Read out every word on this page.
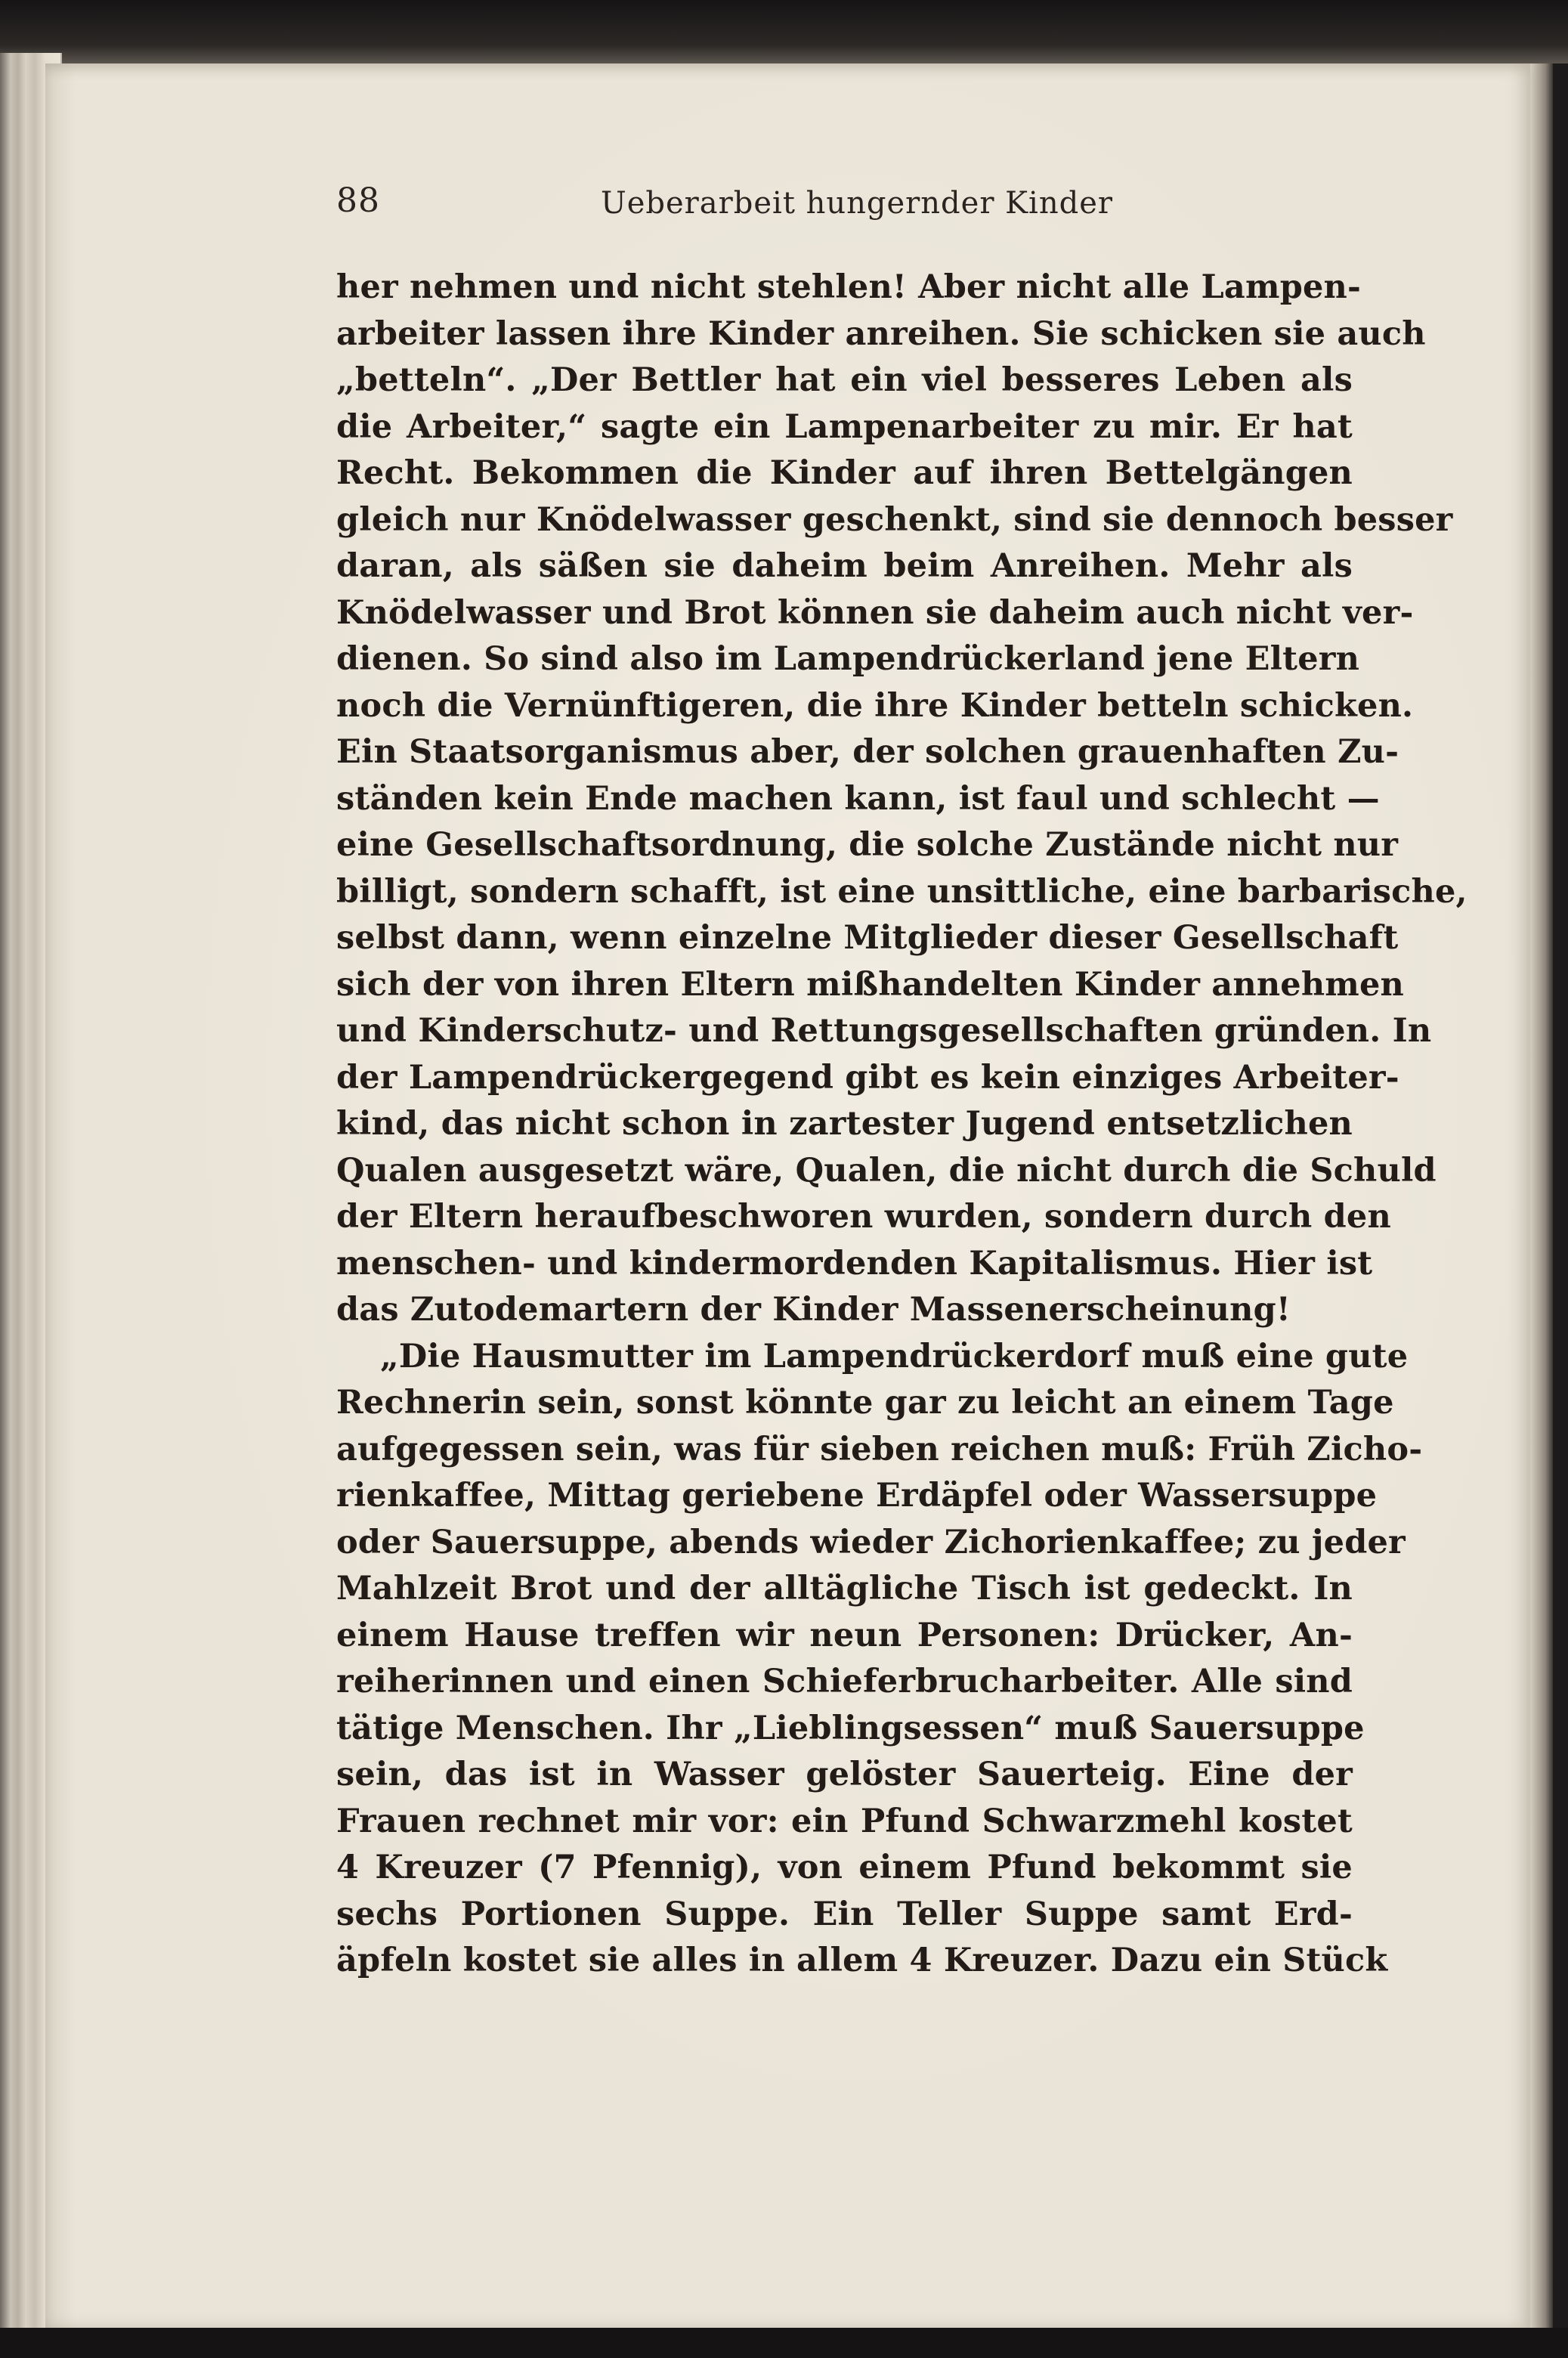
88	Ueberarbeit hungernder Kinder
her nehmen und nicht stehlen! Aber nicht alle Lampen-
arbeiter lassen ihre Kinder anreihen. Sie schicken sie auch
„betteln“. „Der Bettler hat ein viel besseres Leben als
die Arbeiter,“ sagte ein Lampenarbeiter zu mir. Er hat
Recht. Bekommen die Kinder auf ihren Bettelgängen
gleich nur Knödelwasser geschenkt, sind sie dennoch besser
daran, als säßen sie daheim beim Anreihen. Mehr als
Knödelwasser und Brot können sie daheim auch nicht ver-
dienen. So sind also im Lampendrückerland jene Eltern
noch die Vernünftigeren, die ihre Kinder betteln schicken.
Ein Staatsorganismus aber, der solchen grauenhaften Zu-
ständen kein Ende machen kann, ist faul und schlecht —
eine Gesellschaftsordnung, die solche Zustände nicht nur
billigt, sondern schafft, ist eine unsittliche, eine barbarische,
selbst dann, wenn einzelne Mitglieder dieser Gesellschaft
sich der von ihren Eltern mißhandelten Kinder annehmen
und Kinderschutz- und Rettungsgesellschaften gründen. In
der Lampendrückergegend gibt es kein einziges Arbeiter-
kind, das nicht schon in zartester Jugend entsetzlichen
Qualen ausgesetzt wäre, Qualen, die nicht durch die Schuld
der Eltern heraufbeschworen wurden, sondern durch den
menschen- und kindermordenden Kapitalismus. Hier ist
das Zutodemartern der Kinder Massenerscheinung!
„Die Hausmutter im Lampendrückerdorf muß eine gute
Rechnerin sein, sonst könnte gar zu leicht an einem Tage
aufgegessen sein, was für sieben reichen muß: Früh Zicho-
rienkaffee, Mittag geriebene Erdäpfel oder Wassersuppe
oder Sauersuppe, abends wieder Zichorienkaffee; zu jeder
Mahlzeit Brot und der alltägliche Tisch ist gedeckt. In
einem Hause treffen wir neun Personen: Drücker, An-
reiherinnen und einen Schieferbrucharbeiter. Alle sind
tätige Menschen. Ihr „Lieblingsessen“ muß Sauersuppe
sein, das ist in Wasser gelöster Sauerteig. Eine der
Frauen rechnet mir vor: ein Pfund Schwarzmehl kostet
4 Kreuzer (7 Pfennig), von einem Pfund bekommt sie
sechs Portionen Suppe. Ein Teller Suppe samt Erd-
äpfeln kostet sie alles in allem 4 Kreuzer. Dazu ein Stück
